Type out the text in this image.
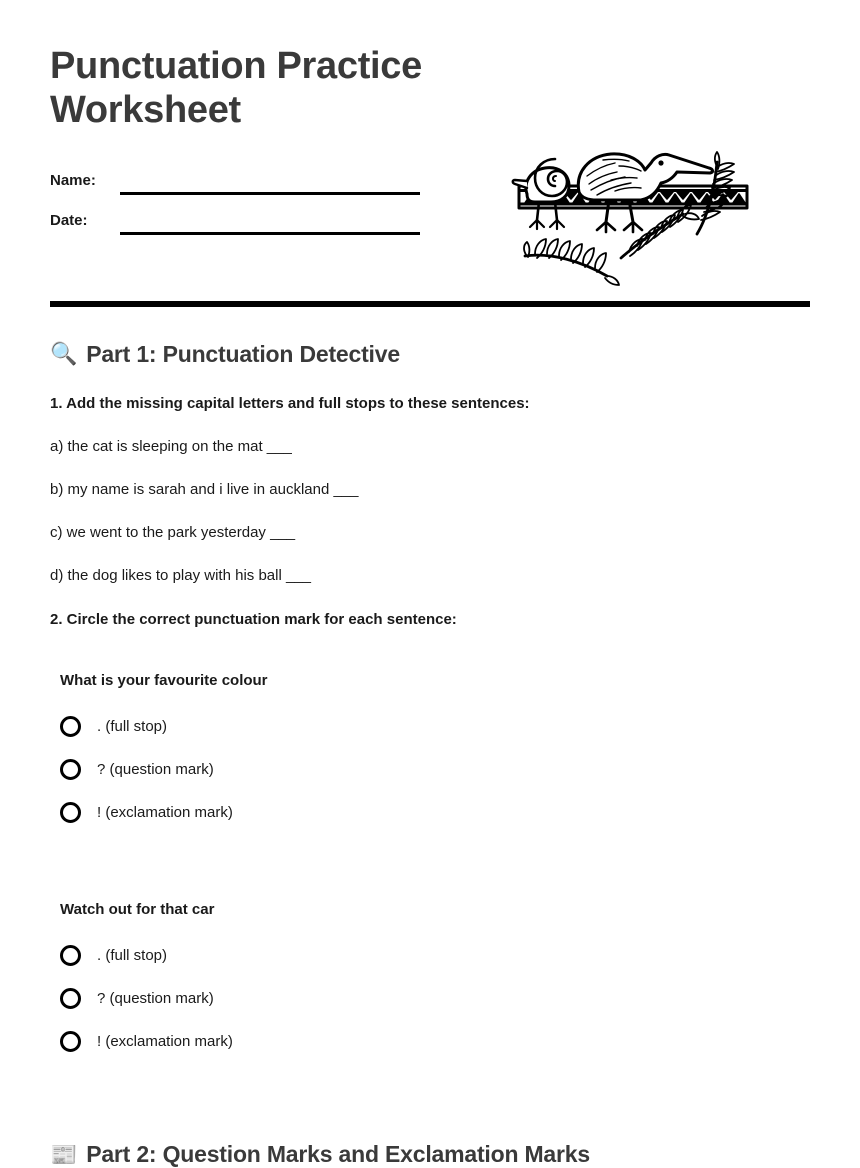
Punctuation Practice Worksheet
Name:
Date:
🔍 Part 1: Punctuation Detective
1. Add the missing capital letters and full stops to these sentences:
a) the cat is sleeping on the mat ___
b) my name is sarah and i live in auckland ___
c) we went to the park yesterday ___
d) the dog likes to play with his ball ___
2. Circle the correct punctuation mark for each sentence:
What is your favourite colour
. (full stop)
? (question mark)
! (exclamation mark)
Watch out for that car
. (full stop)
? (question mark)
! (exclamation mark)
📰 Part 2: Question Marks and Exclamation Marks
